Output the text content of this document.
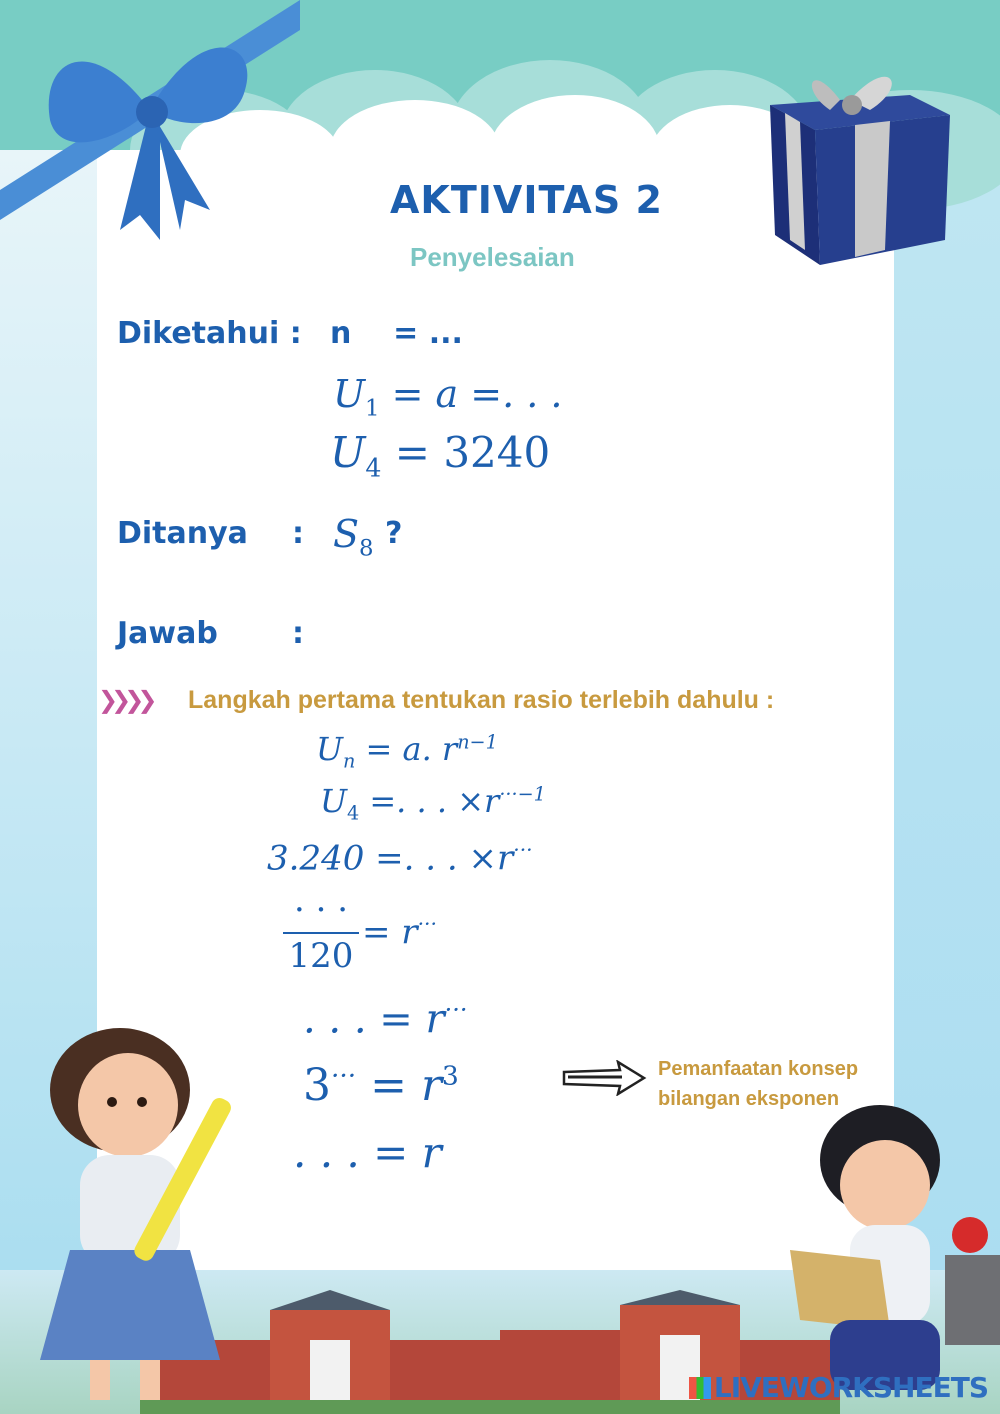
AKTIVITAS 2
Penyelesaian
Diketahui : n    = ...
$U_1 = a$ =. . .
$U_4 = 3240$
Ditanya : $S_8$ ?
Jawab :
❯❯❯❯ Langkah pertama tentukan rasio terlebih dahulu :
$U_n = a$. $r^{n-1}$
$U_4$ =. . . $\times r^{\cdot\cdot\cdot-1}$
3.240 =. . . ×r···
· · ·
120
= r···
. . . = r···
$3^{\cdot\cdot\cdot} = r^3$
. . . = r
Pemanfaatan konsep
bilangan eksponen
LIVEWORKSHEETS
